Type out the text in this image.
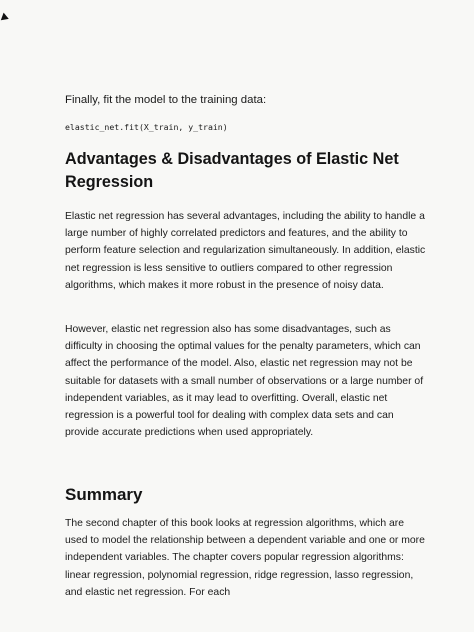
Finally, fit the model to the training data:

elastic_net.fit(X_train, y_train)
Advantages & Disadvantages of Elastic Net Regression

Elastic net regression has several advantages, including the ability to handle a large number of highly correlated predictors and features, and the ability to perform feature selection and regularization simultaneously. In addition, elastic net regression is less sensitive to outliers compared to other regression algorithms, which makes it more robust in the presence of noisy data.

However, elastic net regression also has some disadvantages, such as difficulty in choosing the optimal values for the penalty parameters, which can affect the performance of the model. Also, elastic net regression may not be suitable for datasets with a small number of observations or a large number of independent variables, as it may lead to overfitting. Overall, elastic net regression is a powerful tool for dealing with complex data sets and can provide accurate predictions when used appropriately.

Summary

The second chapter of this book looks at regression algorithms, which are used to model the relationship between a dependent variable and one or more independent variables. The chapter covers popular regression algorithms: linear regression, polynomial regression, ridge regression, lasso regression, and elastic net regression. For each
